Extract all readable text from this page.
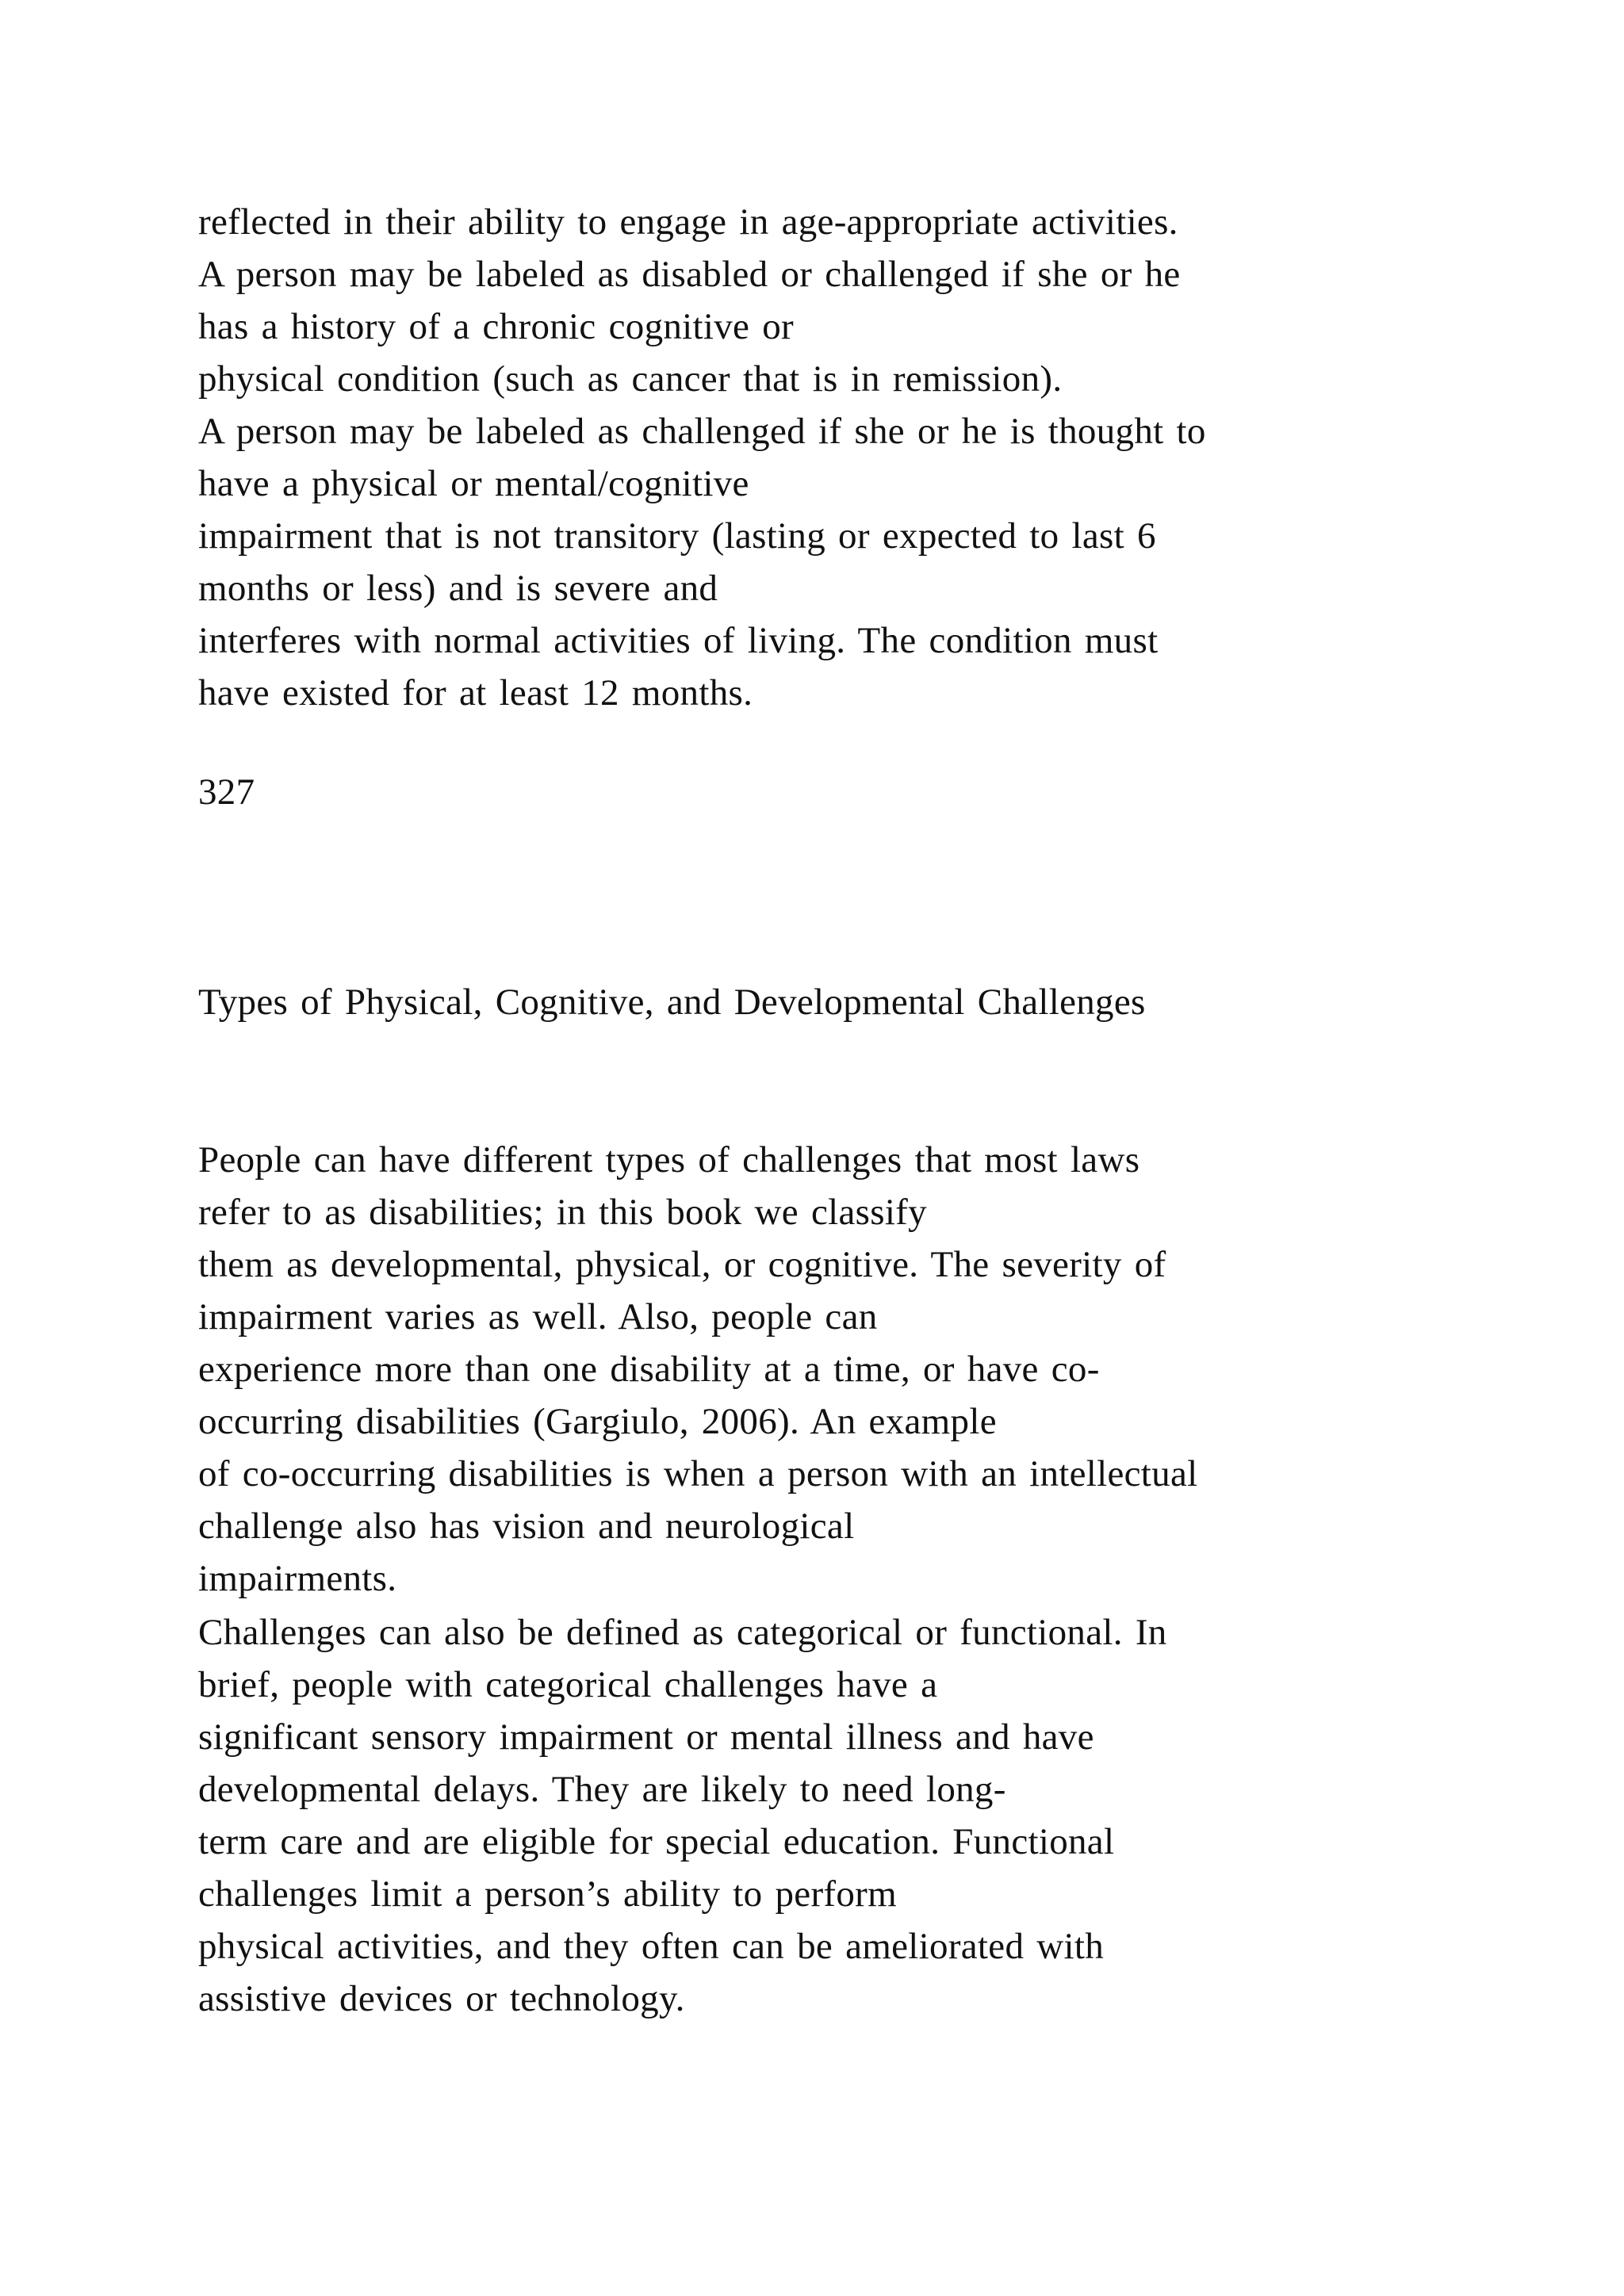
reflected in their ability to engage in age-appropriate activities.
A person may be labeled as disabled or challenged if she or he
has a history of a chronic cognitive or
physical condition (such as cancer that is in remission).
A person may be labeled as challenged if she or he is thought to
have a physical or mental/cognitive
impairment that is not transitory (lasting or expected to last 6
months or less) and is severe and
interferes with normal activities of living. The condition must
have existed for at least 12 months.
327
Types of Physical, Cognitive, and Developmental Challenges
People can have different types of challenges that most laws
refer to as disabilities; in this book we classify
them as developmental, physical, or cognitive. The severity of
impairment varies as well. Also, people can
experience more than one disability at a time, or have co-
occurring disabilities (Gargiulo, 2006). An example
of co-occurring disabilities is when a person with an intellectual
challenge also has vision and neurological
impairments.
Challenges can also be defined as categorical or functional. In
brief, people with categorical challenges have a
significant sensory impairment or mental illness and have
developmental delays. They are likely to need long-
term care and are eligible for special education. Functional
challenges limit a person’s ability to perform
physical activities, and they often can be ameliorated with
assistive devices or technology.
